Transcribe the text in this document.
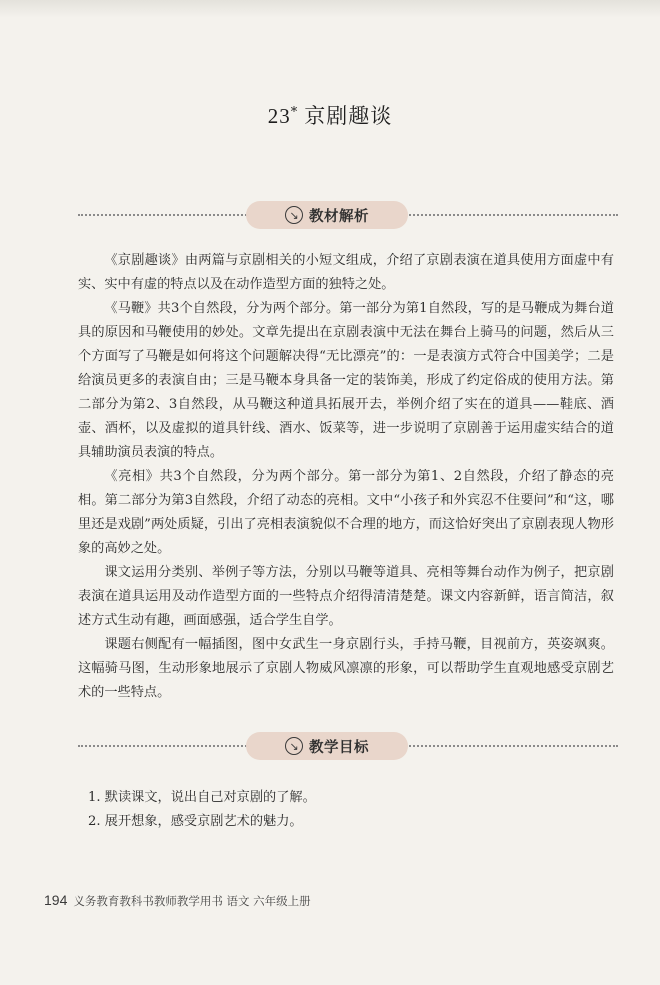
23* 京剧趣谈
↘ 教材解析

《京剧趣谈》由两篇与京剧相关的小短文组成，介绍了京剧表演在道具使用方面虚中有实、实中有虚的特点以及在动作造型方面的独特之处。

《马鞭》共3个自然段，分为两个部分。第一部分为第1自然段，写的是马鞭成为舞台道具的原因和马鞭使用的妙处。文章先提出在京剧表演中无法在舞台上骑马的问题，然后从三个方面写了马鞭是如何将这个问题解决得“无比漂亮”的：一是表演方式符合中国美学；二是给演员更多的表演自由；三是马鞭本身具备一定的装饰美，形成了约定俗成的使用方法。第二部分为第2、3自然段，从马鞭这种道具拓展开去，举例介绍了实在的道具——鞋底、酒壶、酒杯，以及虚拟的道具针线、酒水、饭菜等，进一步说明了京剧善于运用虚实结合的道具辅助演员表演的特点。

《亮相》共3个自然段，分为两个部分。第一部分为第1、2自然段，介绍了静态的亮相。第二部分为第3自然段，介绍了动态的亮相。文中“小孩子和外宾忍不住要问”和“这，哪里还是戏剧”两处质疑，引出了亮相表演貌似不合理的地方，而这恰好突出了京剧表现人物形象的高妙之处。

课文运用分类别、举例子等方法，分别以马鞭等道具、亮相等舞台动作为例子，把京剧表演在道具运用及动作造型方面的一些特点介绍得清清楚楚。课文内容新鲜，语言简洁，叙述方式生动有趣，画面感强，适合学生自学。

课题右侧配有一幅插图，图中女武生一身京剧行头，手持马鞭，目视前方，英姿飒爽。这幅骑马图，生动形象地展示了京剧人物威风凛凛的形象，可以帮助学生直观地感受京剧艺术的一些特点。

↘ 教学目标

1. 默读课文，说出自己对京剧的了解。

2. 展开想象，感受京剧艺术的魅力。

194 义务教育教科书教师教学用书 语文 六年级上册
